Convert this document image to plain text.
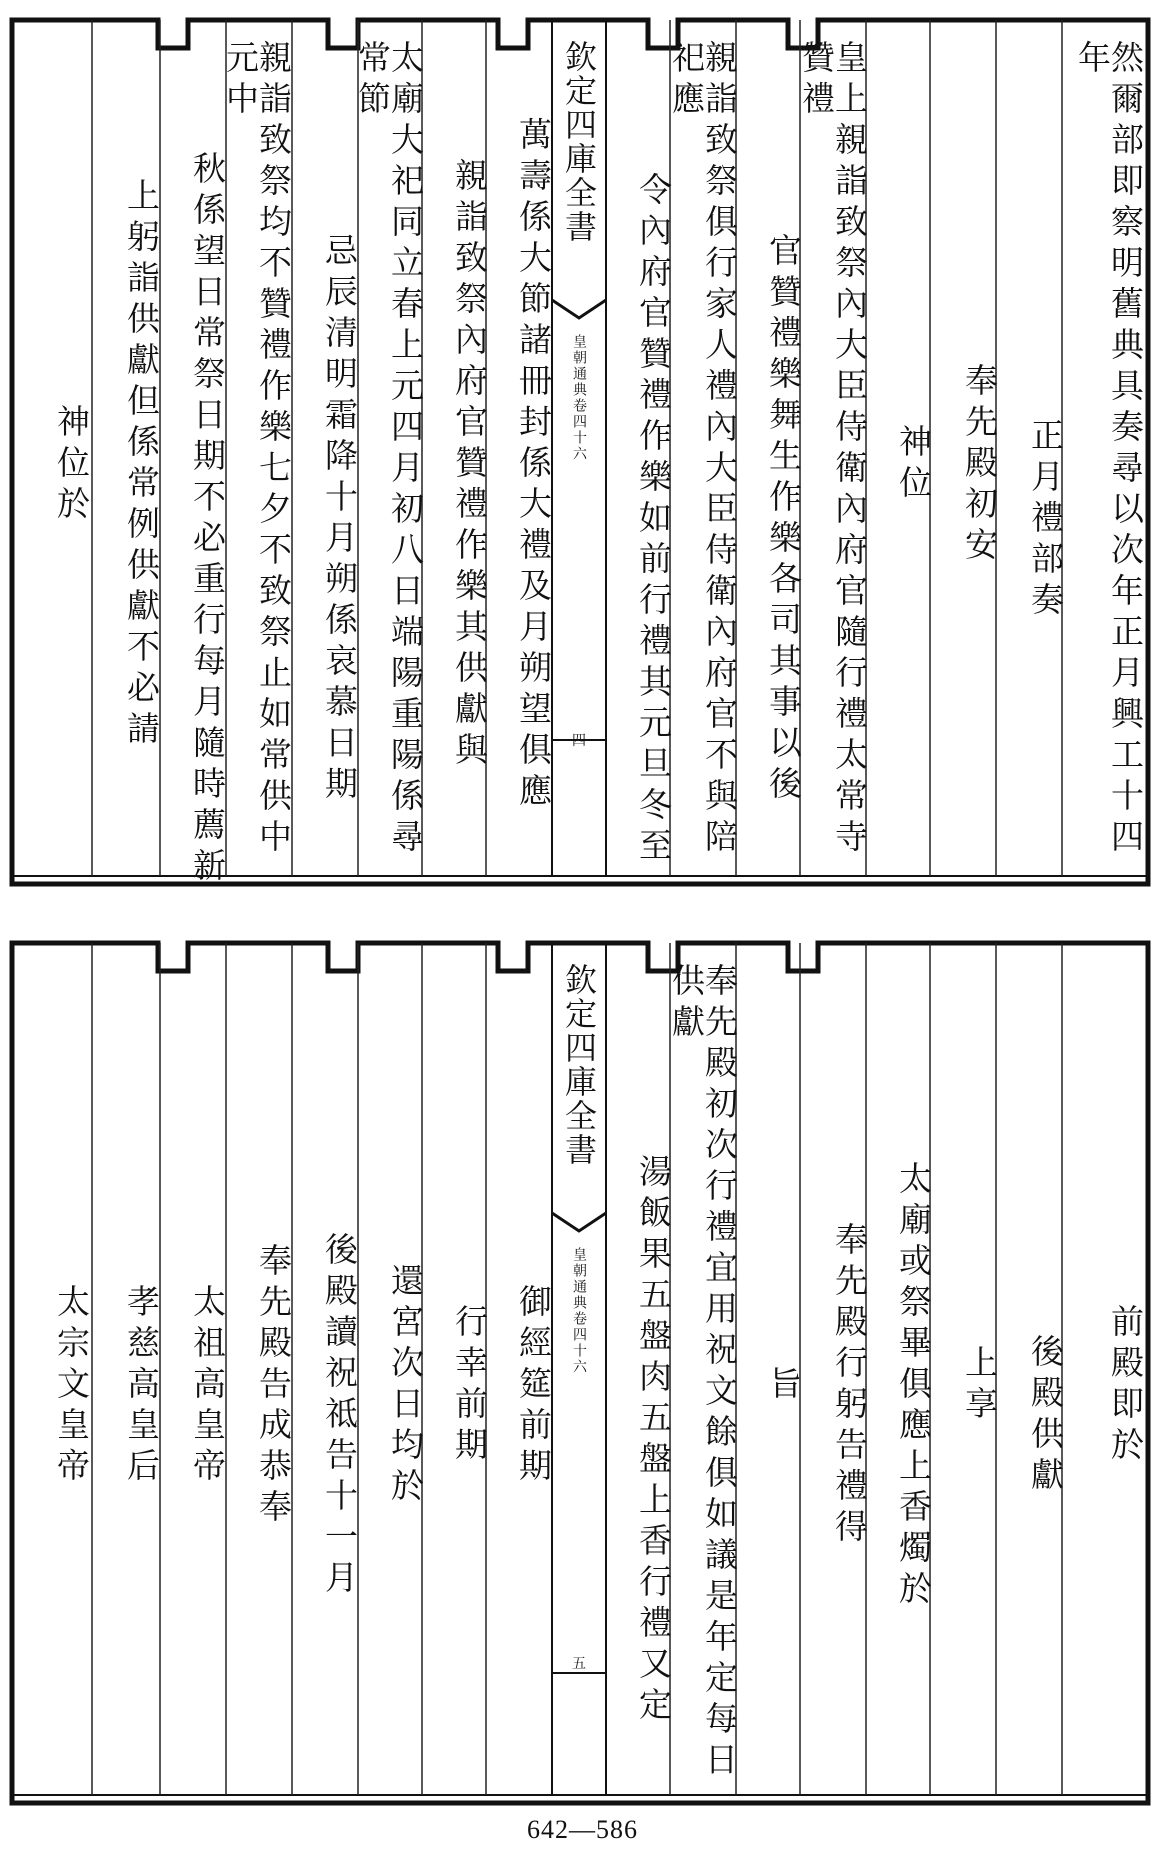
然爾部即察明舊典具奏尋以次年正月興工十四年
正月禮部奏
奉先殿初安
神位
皇上親詣致祭內大臣侍衛內府官隨行禮太常寺贊禮
官贊禮樂舞生作樂各司其事以後
親詣致祭俱行家人禮內大臣侍衛內府官不與陪祀應
令內府官贊禮作樂如前行禮其元旦冬至
欽定四庫全書
皇朝通典
卷四十六
四
萬壽係大節諸冊封係大禮及月朔望俱應
親詣致祭內府官贊禮作樂其供獻與
太廟大祀同立春上元四月初八日端陽重陽係尋常節
忌辰清明霜降十月朔係哀慕日期
親詣致祭均不贊禮作樂七夕不致祭止如常供中元中
秋係望日常祭日期不必重行每月隨時薦新
上躬詣供獻但係常例供獻不必請
神位於
前殿即於
後殿供獻
上享
太廟或祭畢俱應上香燭於
奉先殿行躬告禮得
旨
奉先殿初次行禮宜用祝文餘俱如議是年定每日供獻
湯飯果五盤肉五盤上香行禮又定
欽定四庫全書
皇朝通典
卷四十六
五
御經筵前期
行幸前期
還宮次日均於
後殿讀祝祗告十一月
奉先殿告成恭奉
太祖高皇帝
孝慈高皇后
太宗文皇帝
642—586
